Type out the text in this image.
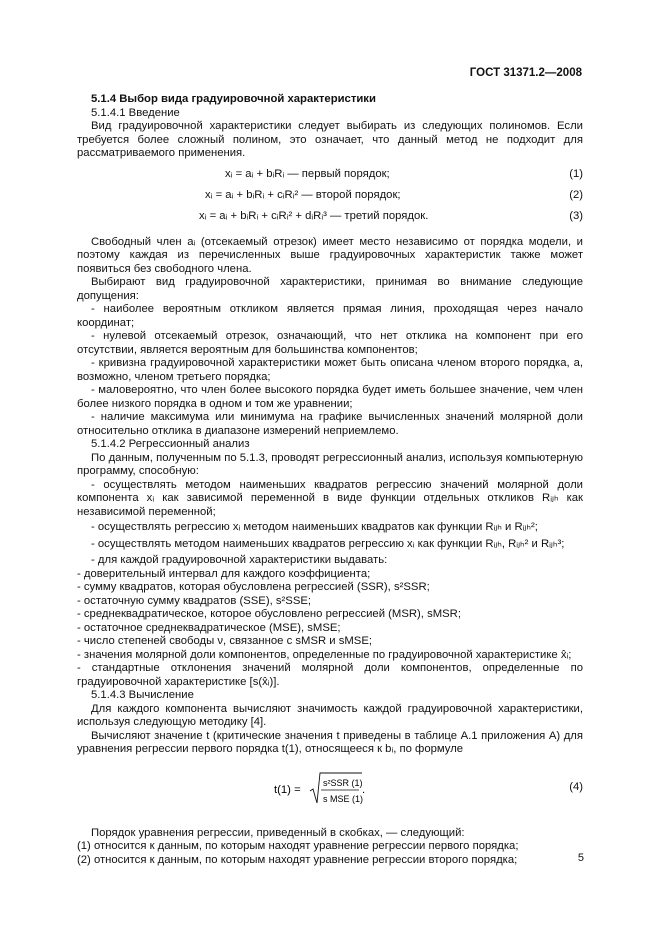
ГОСТ 31371.2—2008

5.1.4 Выбор вида градуировочной характеристики

5.1.4.1 Введение

Вид градуировочной характеристики следует выбирать из следующих полиномов. Если требуется более сложный полином, это означает, что данный метод не подходит для рассматриваемого применения.

xᵢ = aᵢ + bᵢRᵢ — первый порядок;	(1)
xᵢ = aᵢ + bᵢRᵢ + cᵢRᵢ² — второй порядок;	(2)
xᵢ = aᵢ + bᵢRᵢ + cᵢRᵢ² + dᵢRᵢ³ — третий порядок.	(3)

Свободный член aᵢ (отсекаемый отрезок) имеет место независимо от порядка модели, и поэтому каждая из перечисленных выше градуировочных характеристик также может появиться без свободного члена.

Выбирают вид градуировочной характеристики, принимая во внимание следующие допущения:

- наиболее вероятным откликом является прямая линия, проходящая через начало координат;

- нулевой отсекаемый отрезок, означающий, что нет отклика на компонент при его отсутствии, является вероятным для большинства компонентов;

- кривизна градуировочной характеристики может быть описана членом второго порядка, а, возможно, членом третьего порядка;

- маловероятно, что член более высокого порядка будет иметь большее значение, чем член более низкого порядка в одном и том же уравнении;

- наличие максимума или минимума на графике вычисленных значений молярной доли относительно отклика в диапазоне измерений неприемлемо.

5.1.4.2 Регрессионный анализ

По данным, полученным по 5.1.3, проводят регрессионный анализ, используя компьютерную программу, способную:

- осуществлять методом наименьших квадратов регрессию значений молярной доли компонента xᵢ как зависимой переменной в виде функции отдельных откликов Rᵢⱼₕ как независимой переменной;

- осуществлять регрессию xᵢ методом наименьших квадратов как функции Rᵢⱼₕ и Rᵢⱼₕ²;

- осуществлять методом наименьших квадратов регрессию xᵢ как функции Rᵢⱼₕ, Rᵢⱼₕ² и Rᵢⱼₕ³;

- для каждой градуировочной характеристики выдавать:

- доверительный интервал для каждого коэффициента;

- сумму квадратов, которая обусловлена регрессией (SSR), s²SSR;

- остаточную сумму квадратов (SSE), s²SSE;

- среднеквадратическое, которое обусловлено регрессией (MSR), sMSR;

- остаточное среднеквадратическое (MSE), sMSE;

- число степеней свободы ν, связанное с sMSR и sMSE;

- значения молярной доли компонентов, определенные по градуировочной характеристике x̂ᵢ;

- стандартные отклонения значений молярной доли компонентов, определенные по градуировочной характеристике [s(x̂ᵢ)].

5.1.4.3 Вычисление

Для каждого компонента вычисляют значимость каждой градуировочной характеристики, используя следующую методику [4].

Вычисляют значение t (критические значения t приведены в таблице А.1 приложения А) для уравнения регрессии первого порядка t(1), относящееся к bᵢ, по формуле

t(1) =
s²SSR (1)
s MSE (1)
.	(4)

Порядок уравнения регрессии, приведенный в скобках, — следующий:

(1) относится к данным, по которым находят уравнение регрессии первого порядка;

(2) относится к данным, по которым находят уравнение регрессии второго порядка;	5
